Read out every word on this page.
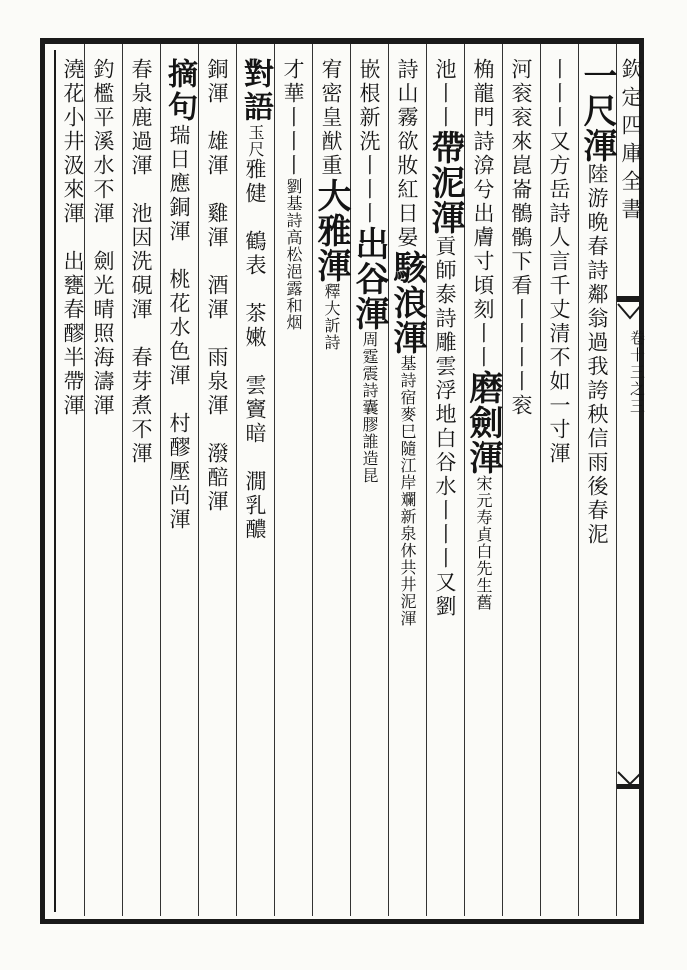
欽定四庫全書
卷十三之三
一尺渾陸游晩春詩鄰翁過我誇秧信雨後春泥
丨丨丨又方岳詩人言千丈清不如一寸渾
河衮衮來崑崙鶻鶻下看丨丨丨丨衮
桷龍門詩渰兮出膚寸頃刻丨丨磨劍渾宋元寿貞白先生舊
池丨丨帶泥渾貢師泰詩雕雲浮地白谷水丨丨丨又劉
詩山霧欲妝紅日晏駭浪渾基詩宿麥巳隨江岸斕新泉休共井泥渾
嵌根新洗丨丨丨出谷渾周霆震詩囊膠誰造昆
宥密皇猷重大雅渾釋大訢詩
才華丨丨丨劉基詩高松浥露和烟
對語玉尺雅健　鶴表　茶嫩　雲竇暗　㵎乳醲
銅渾　雄渾　雞渾　酒渾　雨泉渾　潑醅渾
摘句瑞日應銅渾　桃花水色渾　村醪壓尚渾
春泉鹿過渾　池因洗硯渾　春芽煮不渾
釣檻平溪水不渾　劍光晴照海濤渾
澆花小井汲來渾　出甕春醪半帶渾
